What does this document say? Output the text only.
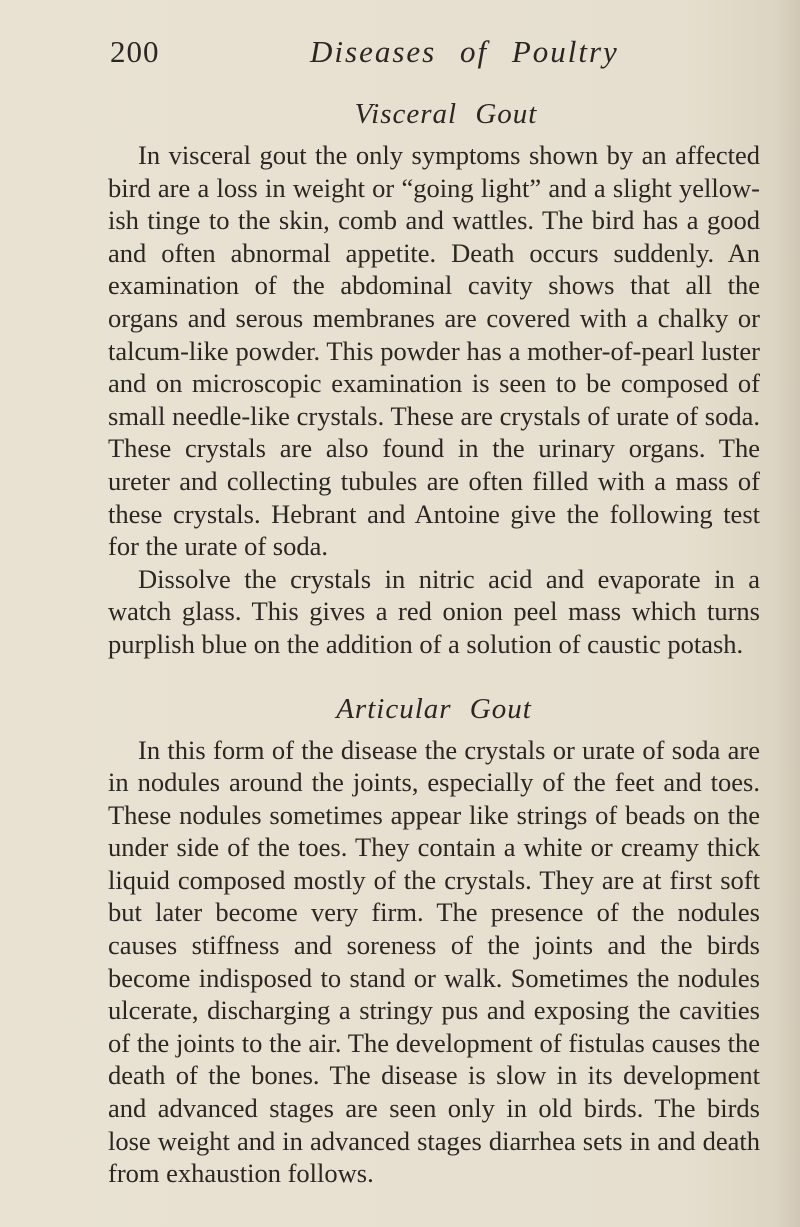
200	Diseases of Poultry
Visceral Gout

In visceral gout the only symptoms shown by an affected bird are a loss in weight or “going light” and a slight yellow-ish tinge to the skin, comb and wattles. The bird has a good and often abnormal appetite. Death occurs suddenly. An examination of the abdominal cavity shows that all the organs and serous membranes are covered with a chalky or talcum-like powder. This powder has a mother-of-pearl luster and on microscopic examination is seen to be composed of small needle-like crystals. These are crystals of urate of soda. These crystals are also found in the urinary organs. The ureter and collecting tubules are often filled with a mass of these crystals. Hebrant and Antoine give the following test for the urate of soda.

Dissolve the crystals in nitric acid and evaporate in a watch glass. This gives a red onion peel mass which turns purplish blue on the addition of a solution of caustic potash.

Articular Gout

In this form of the disease the crystals or urate of soda are in nodules around the joints, especially of the feet and toes. These nodules sometimes appear like strings of beads on the under side of the toes. They contain a white or creamy thick liquid composed mostly of the crystals. They are at first soft but later become very firm. The presence of the nodules causes stiffness and soreness of the joints and the birds become indisposed to stand or walk. Sometimes the nodules ulcerate, discharging a stringy pus and exposing the cavities of the joints to the air. The development of fistulas causes the death of the bones. The disease is slow in its development and advanced stages are seen only in old birds. The birds lose weight and in advanced stages diarrhea sets in and death from exhaustion follows.
